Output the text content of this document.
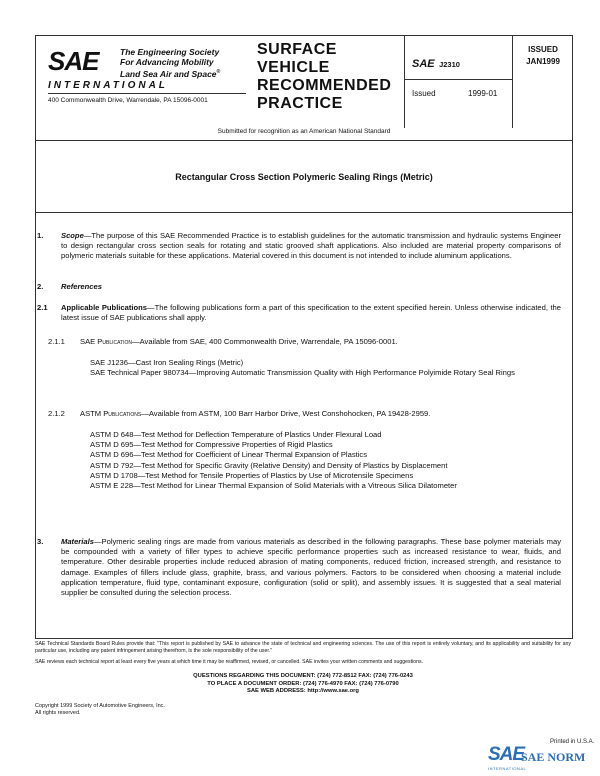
SAE	The Engineering Society
For Advancing Mobility
Land Sea Air and Space®
INTERNATIONAL
400 Commonwealth Drive, Warrendale, PA 15096-0001
SURFACE
VEHICLE
RECOMMENDED
PRACTICE
SAE J2310
Issued	1999-01
ISSUED
JAN1999
Submitted for recognition as an American National Standard
Rectangular Cross Section Polymeric Sealing Rings (Metric)
1.	Scope—The purpose of this SAE Recommended Practice is to establish guidelines for the automatic transmission and hydraulic systems Engineer to design rectangular cross section seals for rotating and static grooved shaft applications. Also included are material property comparisons of polymeric materials suitable for these applications. Material covered in this document is not intended to include aluminum applications.
2. References
2.1 Applicable Publications—The following publications form a part of this specification to the extent specified herein. Unless otherwise indicated, the latest issue of SAE publications shall apply.
2.1.1 SAE Publication—Available from SAE, 400 Commonwealth Drive, Warrendale, PA 15096-0001.
SAE J1236—Cast Iron Sealing Rings (Metric)
SAE Technical Paper 980734—Improving Automatic Transmission Quality with High Performance Polyimide Rotary Seal Rings
2.1.2 ASTM Publications—Available from ASTM, 100 Barr Harbor Drive, West Conshohocken, PA 19428-2959.
ASTM D 648—Test Method for Deflection Temperature of Plastics Under Flexural Load
ASTM D 695—Test Method for Compressive Properties of Rigid Plastics
ASTM D 696—Test Method for Coefficient of Linear Thermal Expansion of Plastics
ASTM D 792—Test Method for Specific Gravity (Relative Density) and Density of Plastics by Displacement
ASTM D 1708—Test Method for Tensile Properties of Plastics by Use of Microtensile Specimens
ASTM E 228—Test Method for Linear Thermal Expansion of Solid Materials with a Vitreous Silica Dilatometer
3. Materials—Polymeric sealing rings are made from various materials as described in the following paragraphs. These base polymer materials may be compounded with a variety of filler types to achieve specific performance properties such as increased resistance to wear, fluids, and temperature. Other desirable properties include reduced abrasion of mating components, reduced friction, increased strength, and resistance to damage. Examples of fillers include glass, graphite, brass, and various polymers. Factors to be considered when choosing a material include application temperature, fluid type, contaminant exposure, configuration (solid or split), and assembly issues. It is suggested that a seal material supplier be consulted during the selection process.
SAE Technical Standards Board Rules provide that: "This report is published by SAE to advance the state of technical and engineering sciences. The use of this report is entirely voluntary, and its applicability and suitability for any particular use, including any patent infringement arising therefrom, is the sole responsibility of the user."
SAE reviews each technical report at least every five years at which time it may be reaffirmed, revised, or cancelled. SAE invites your written comments and suggestions.
QUESTIONS REGARDING THIS DOCUMENT: (724) 772-8512 FAX: (724) 776-0243
TO PLACE A DOCUMENT ORDER: (724) 776-4970 FAX: (724) 776-0790
SAE WEB ADDRESS: http://www.sae.org
Copyright 1999 Society of Automotive Engineers, Inc.
All rights reserved.
Printed in U.S.A.
SAE
SAE NORM
INTERNATIONAL
